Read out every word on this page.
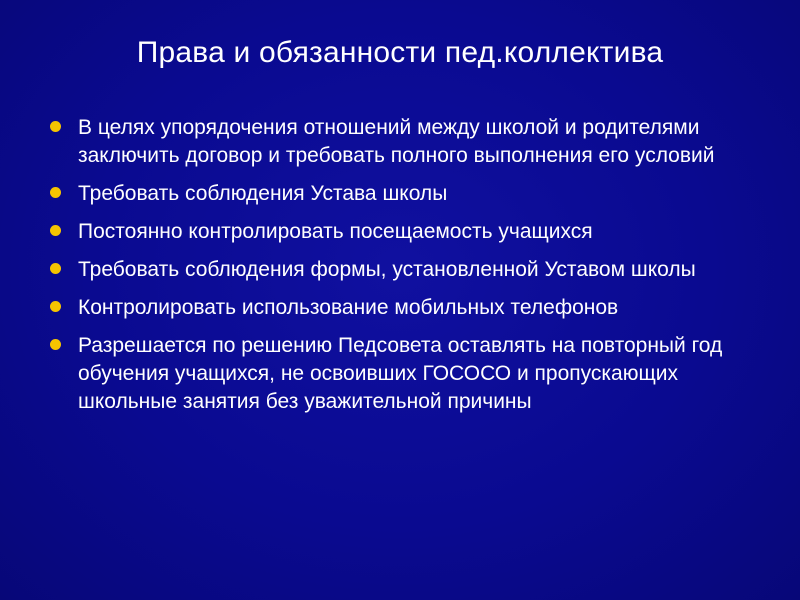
Права и обязанности пед.коллектива
В целях упорядочения отношений между школой и родителями заключить договор и требовать полного выполнения его условий
Требовать соблюдения Устава школы
Постоянно контролировать посещаемость учащихся
Требовать соблюдения формы, установленной Уставом школы
Контролировать использование мобильных телефонов
Разрешается по решению Педсовета оставлять на повторный год обучения учащихся, не освоивших ГОСОСО и пропускающих школьные занятия без уважительной причины
